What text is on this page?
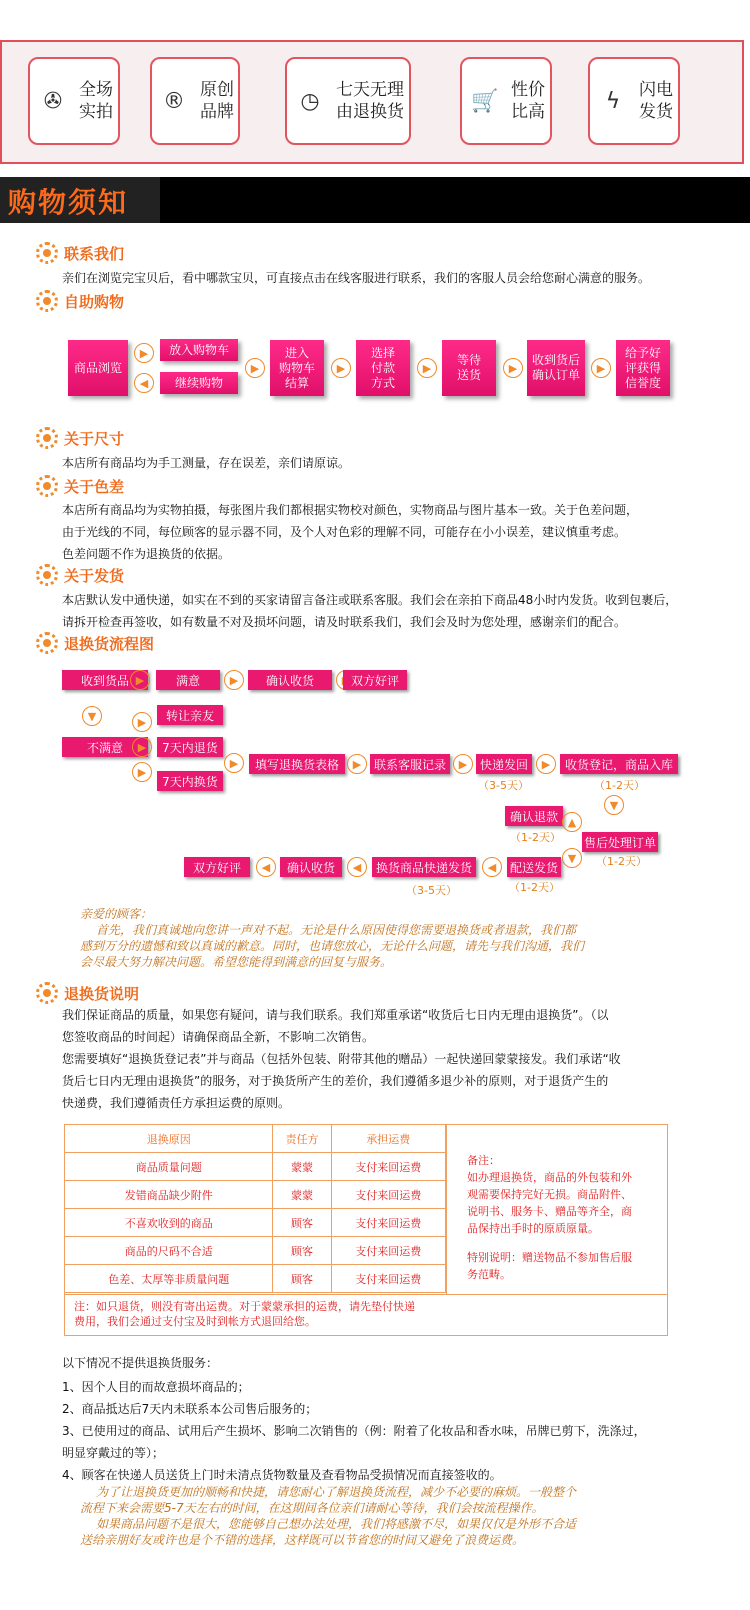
✇ 全场
实拍	® 原创
品牌	◷ 七天无理
由退换货	🛒 性价
比高	ϟ	闪电
发货
购物须知
联系我们
亲们在浏览完宝贝后，看中哪款宝贝，可直接点击在线客服进行联系，我们的客服人员会给您耐心满意的服务。
自助购物
商品浏览
▶
◀
放入购物车
继续购物
▶
进入
购物车
结算
▶
选择
付款
方式
▶
等待
送货	▶
收到货后
确认订单	▶
给予好
评获得
信誉度
关于尺寸
本店所有商品均为手工测量，存在误差，亲们请原谅。
关于色差
本店所有商品均为实物拍摄，每张图片我们都根据实物校对颜色，实物商品与图片基本一致。关于色差问题，
由于光线的不同，每位顾客的显示器不同，及个人对色彩的理解不同，可能存在小小误差，建议慎重考虑。
色差问题不作为退换货的依据。
关于发货
本店默认发中通快递，如实在不到的买家请留言备注或联系客服。我们会在亲拍下商品48小时内发货。收到包裹后，
请拆开检查再签收，如有数量不对及损坏问题，请及时联系我们，我们会及时为您处理，感谢亲们的配合。
退换货流程图
收到货品 ▶	满意	▶	确认收货	双方好评
▼
不满意
▶
▶
▶
转让亲友
7天内退货
7天内换货
▶	填写退换货表格	▶	联系客服记录	▶	快递发回
（3-5天）
▶	收货登记，商品入库
（1-2天）
▼
确认退款
（1-2天）
▲
售后处理订单
（1-2天）
▼
配送发货
（1-2天）
◀
换货商品快递发货
（3-5天）
◀
确认收货
◀
双方好评
亲爱的顾客：
首先，我们真诚地向您讲一声对不起。无论是什么原因使得您需要退换货或者退款，我们都
感到万分的遗憾和致以真诚的歉意。同时，也请您放心，无论什么问题，请先与我们沟通，我们
会尽最大努力解决问题。希望您能得到满意的回复与服务。
退换货说明
我们保证商品的质量，如果您有疑问，请与我们联系。我们郑重承诺“收货后七日内无理由退换货”。（以
您签收商品的时间起）请确保商品全新，不影响二次销售。
您需要填好“退换货登记表”并与商品（包括外包装、附带其他的赠品）一起快递回蒙蒙接发。我们承诺“收
货后七日内无理由退换货”的服务，对于换货所产生的差价，我们遵循多退少补的原则，对于退货产生的
快递费，我们遵循责任方承担运费的原则。
退换原因	责任方	承担运费
商品质量问题	蒙蒙	支付来回运费
发错商品缺少附件	蒙蒙	支付来回运费
不喜欢收到的商品	顾客	支付来回运费
商品的尺码不合适	顾客	支付来回运费
色差、太厚等非质量问题	顾客	支付来回运费
备注：
如办理退换货，商品的外包装和外
观需要保持完好无损。商品附件、
说明书、服务卡、赠品等齐全，商
品保持出手时的原质原量。
特别说明：赠送物品不参加售后服
务范畴。
注：如只退货，则没有寄出运费。对于蒙蒙承担的运费，请先垫付快递
费用，我们会通过支付宝及时到帐方式退回给您。
以下情况不提供退换货服务：
1、因个人目的而故意损坏商品的；
2、商品抵达后7天内未联系本公司售后服务的；
3、已使用过的商品、试用后产生损坏、影响二次销售的（例：附着了化妆品和香水味，吊牌已剪下，洗涤过，
明显穿戴过的等）；
4、顾客在快递人员送货上门时未清点货物数量及查看物品受损情况而直接签收的。
为了让退换货更加的顺畅和快捷，请您耐心了解退换货流程，减少不必要的麻烦。一般整个
流程下来会需要5-7天左右的时间，在这期间各位亲们请耐心等待，我们会按流程操作。
如果商品问题不是很大，您能够自己想办法处理，我们将感激不尽，如果仅仅是外形不合适
送给亲朋好友或许也是个不错的选择，这样既可以节省您的时间又避免了浪费运费。
